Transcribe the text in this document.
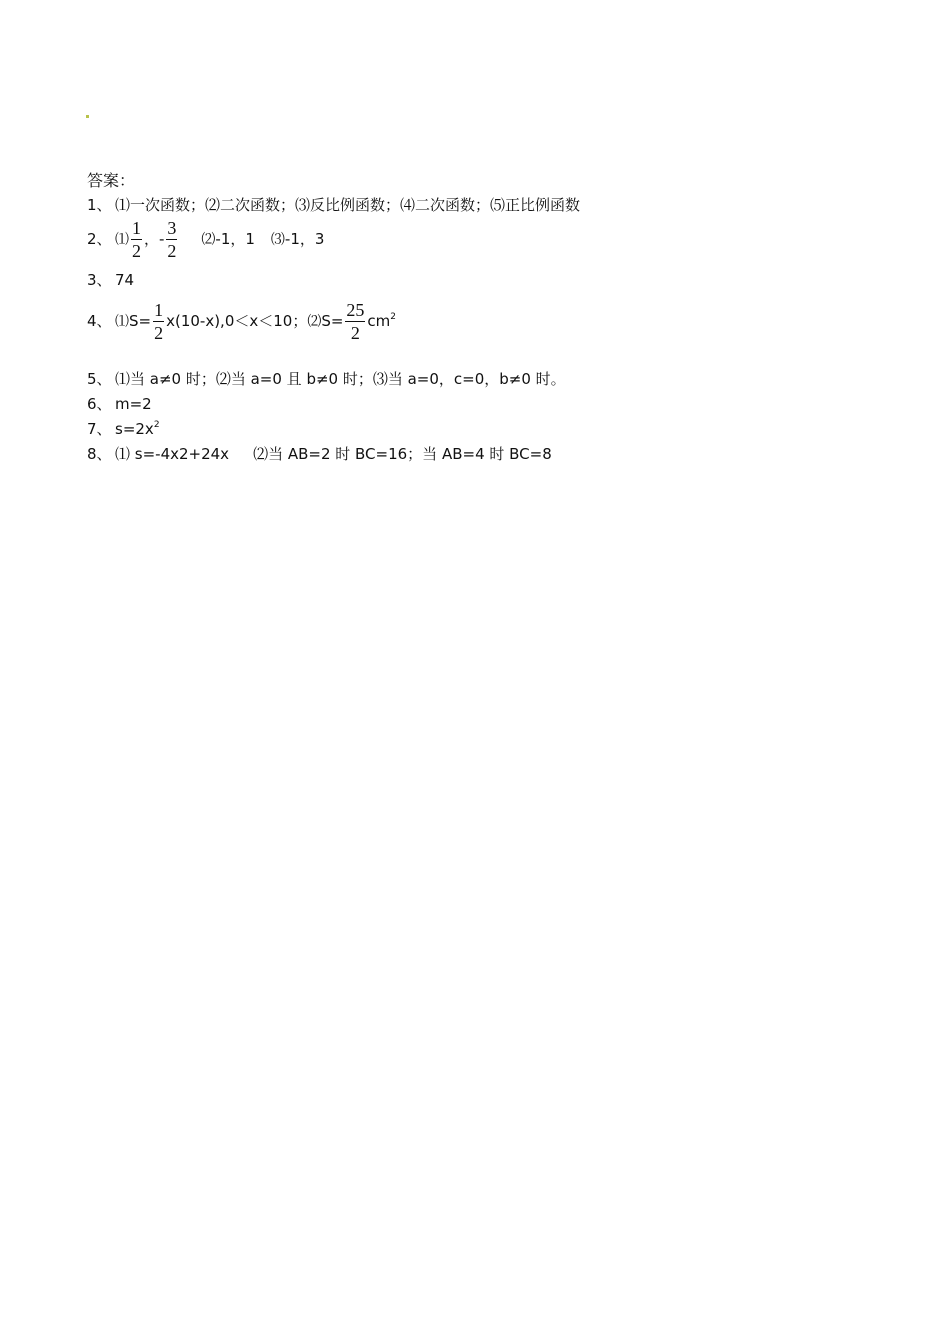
答案：
1、 ⑴一次函数；⑵二次函数；⑶反比例函数；⑷二次函数；⑸正比例函数
2、 ⑴ $\frac{1}{2}$ ，- $\frac{3}{2}$ ⑵-1，1 ⑶-1，3
3、 74
4、 ⑴S= $\frac{1}{2} x(10-x),0<x<10$；⑵S= $\frac{25}{2} cm^2$
5、 ⑴当 a≠0 时；⑵当 a=0 且 b≠0 时；⑶当 a=0，c=0，b≠0 时。
6、 m=2
7、 $s=2x^2$
8、 ⑴ s=-4x2+24x ⑵当 AB=2 时 BC=16；当 AB=4 时 BC=8
